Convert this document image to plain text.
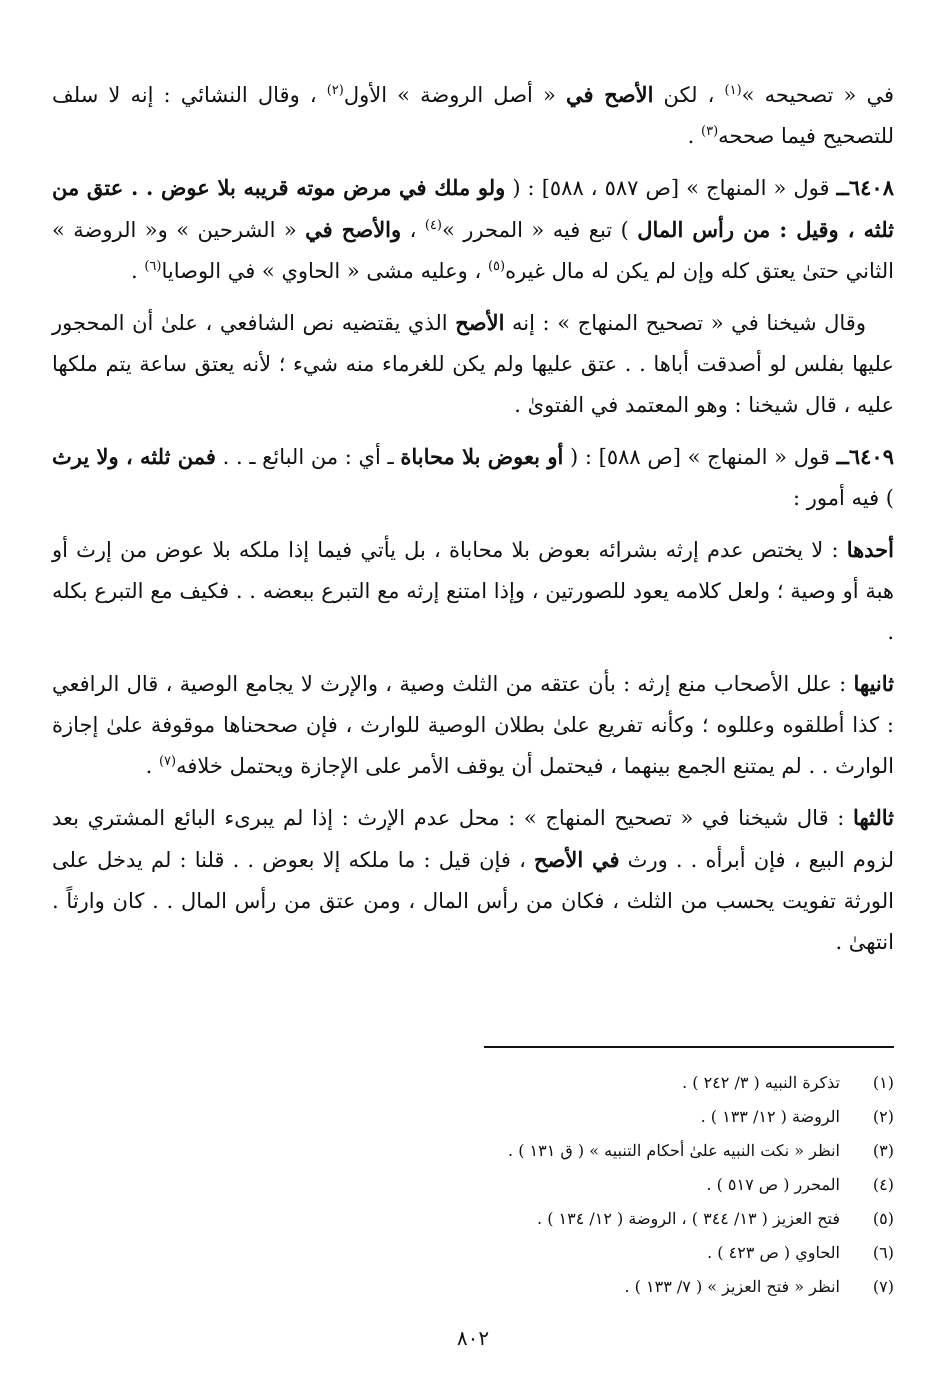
في « تصحيحه »$^{(١)}$ ، لكن الأصح في « أصل الروضة » الأول$^{(٢)}$ ، وقال النشائي : إنه لا سلف للتصحيح فيما صححه$^{(٣)}$ .

٦٤٠٨ــ قول « المنهاج » [ص ٥٨٧ ، ٥٨٨] : ( ولو ملك في مرض موته قريبه بلا عوض . . عتق من ثلثه ، وقيل : من رأس المال ) تبع فيه « المحرر »$^{(٤)}$ ، والأصح في « الشرحين » و« الروضة » الثاني حتىٰ يعتق كله وإن لم يكن له مال غيره$^{(٥)}$ ، وعليه مشى « الحاوي » في الوصايا$^{(٦)}$ .

وقال شيخنا في « تصحيح المنهاج » : إنه الأصح الذي يقتضيه نص الشافعي ، علىٰ أن المحجور عليها بفلس لو أصدقت أباها . . عتق عليها ولم يكن للغرماء منه شيء ؛ لأنه يعتق ساعة يتم ملكها عليه ، قال شيخنا : وهو المعتمد في الفتوىٰ .

٦٤٠٩ــ قول « المنهاج » [ص ٥٨٨] : ( أو بعوض بلا محاباة ـ أي : من البائع ـ . . فمن ثلثه ، ولا يرث ) فيه أمور :

أحدها : لا يختص عدم إرثه بشرائه بعوض بلا محاباة ، بل يأتي فيما إذا ملكه بلا عوض من إرث أو هبة أو وصية ؛ ولعل كلامه يعود للصورتين ، وإذا امتنع إرثه مع التبرع ببعضه . . فكيف مع التبرع بكله .

ثانيها : علل الأصحاب منع إرثه : بأن عتقه من الثلث وصية ، والإرث لا يجامع الوصية ، قال الرافعي : كذا أطلقوه وعللوه ؛ وكأنه تفريع علىٰ بطلان الوصية للوارث ، فإن صححناها موقوفة علىٰ إجازة الوارث . . لم يمتنع الجمع بينهما ، فيحتمل أن يوقف الأمر على الإجازة ويحتمل خلافه$^{(٧)}$ .

ثالثها : قال شيخنا في « تصحيح المنهاج » : محل عدم الإرث : إذا لم يبرىء البائع المشتري بعد لزوم البيع ، فإن أبرأه . . ورث في الأصح ، فإن قيل : ما ملكه إلا بعوض . . قلنا : لم يدخل على الورثة تفويت يحسب من الثلث ، فكان من رأس المال ، ومن عتق من رأس المال . . كان وارثاً . انتهىٰ .

(١)تذكرة النبيه ( ٣/ ٢٤٢ ) .
(٢)الروضة ( ١٢/ ١٣٣ ) .
(٣)انظر « نكت النبيه علىٰ أحكام التنبيه » ( ق ١٣١ ) .
(٤)المحرر ( ص ٥١٧ ) .
(٥)فتح العزيز ( ١٣/ ٣٤٤ ) ، الروضة ( ١٢/ ١٣٤ ) .
(٦)الحاوي ( ص ٤٢٣ ) .
(٧)انظر « فتح العزيز » ( ٧/ ١٣٣ ) .
٨٠٢
